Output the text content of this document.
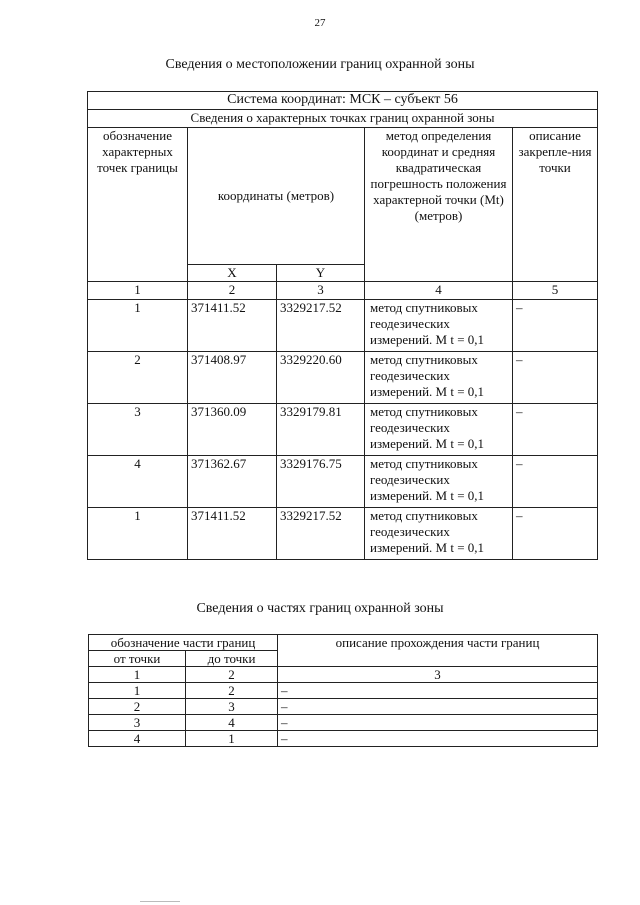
27
Сведения о местоположении границ охранной зоны
Система координат: МСК – субъект 56				
Сведения о характерных точках границ охранной зоны				
обозначение характерных точек границы	координаты (метров)		метод определения координат и средняя квадратическая погрешность положения характерной точки (Mt) (метров)	описание закрепле-ния точки
	X	Y		
1	2	3	4	5
1	371411.52	3329217.52	метод спутниковых геодезических измерений. M t = 0,1	–
2	371408.97	3329220.60	метод спутниковых геодезических измерений. M t = 0,1	–
3	371360.09	3329179.81	метод спутниковых геодезических измерений. M t = 0,1	–
4	371362.67	3329176.75	метод спутниковых геодезических измерений. M t = 0,1	–
1	371411.52	3329217.52	метод спутниковых геодезических измерений. M t = 0,1	–
Сведения о частях границ охранной зоны
обозначение части границ		описание прохождения части границ
от точки	до точки	
1	2	3
1	2	–
2	3	–
3	4	–
4	1	–
